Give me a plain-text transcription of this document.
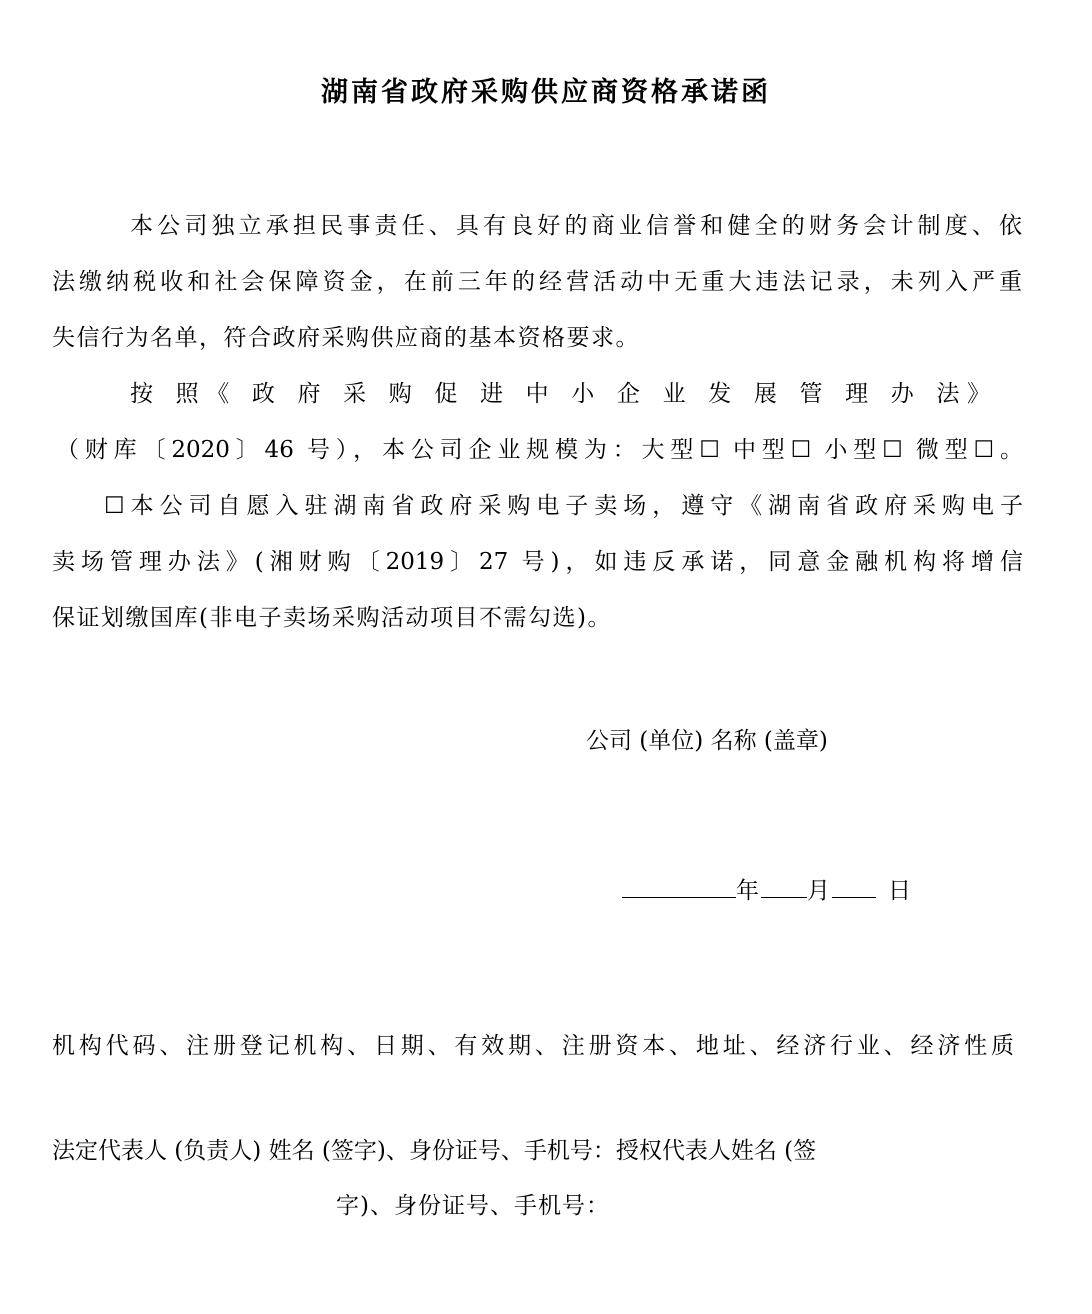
湖南省政府采购供应商资格承诺函

本公司独立承担民事责任、具有良好的商业信誉和健全的财务会计制度、依

法缴纳税收和社会保障资金，在前三年的经营活动中无重大违法记录，未列入严重

失信行为名单，符合政府采购供应商的基本资格要求。

按 照《 政 府 采 购 促 进 中 小 企 业 发 展 管 理 办 法》

（财库〔2020〕46 号），本公司企业规模为：大型☐ 中型☐ 小型☐ 微型☐。

☐本公司自愿入驻湖南省政府采购电子卖场，遵守《湖南省政府采购电子

卖场管理办法》(湘财购〔2019〕27 号)，如违反承诺，同意金融机构将增信

保证划缴国库(非电子卖场采购活动项目不需勾选)。

公司 (单位) 名称 (盖章)

年 月	日

机构代码、注册登记机构、日期、有效期、注册资本、地址、经济行业、经济性质

法定代表人 (负责人) 姓名 (签字)、身份证号、手机号：授权代表人姓名 (签

字)、身份证号、手机号：
